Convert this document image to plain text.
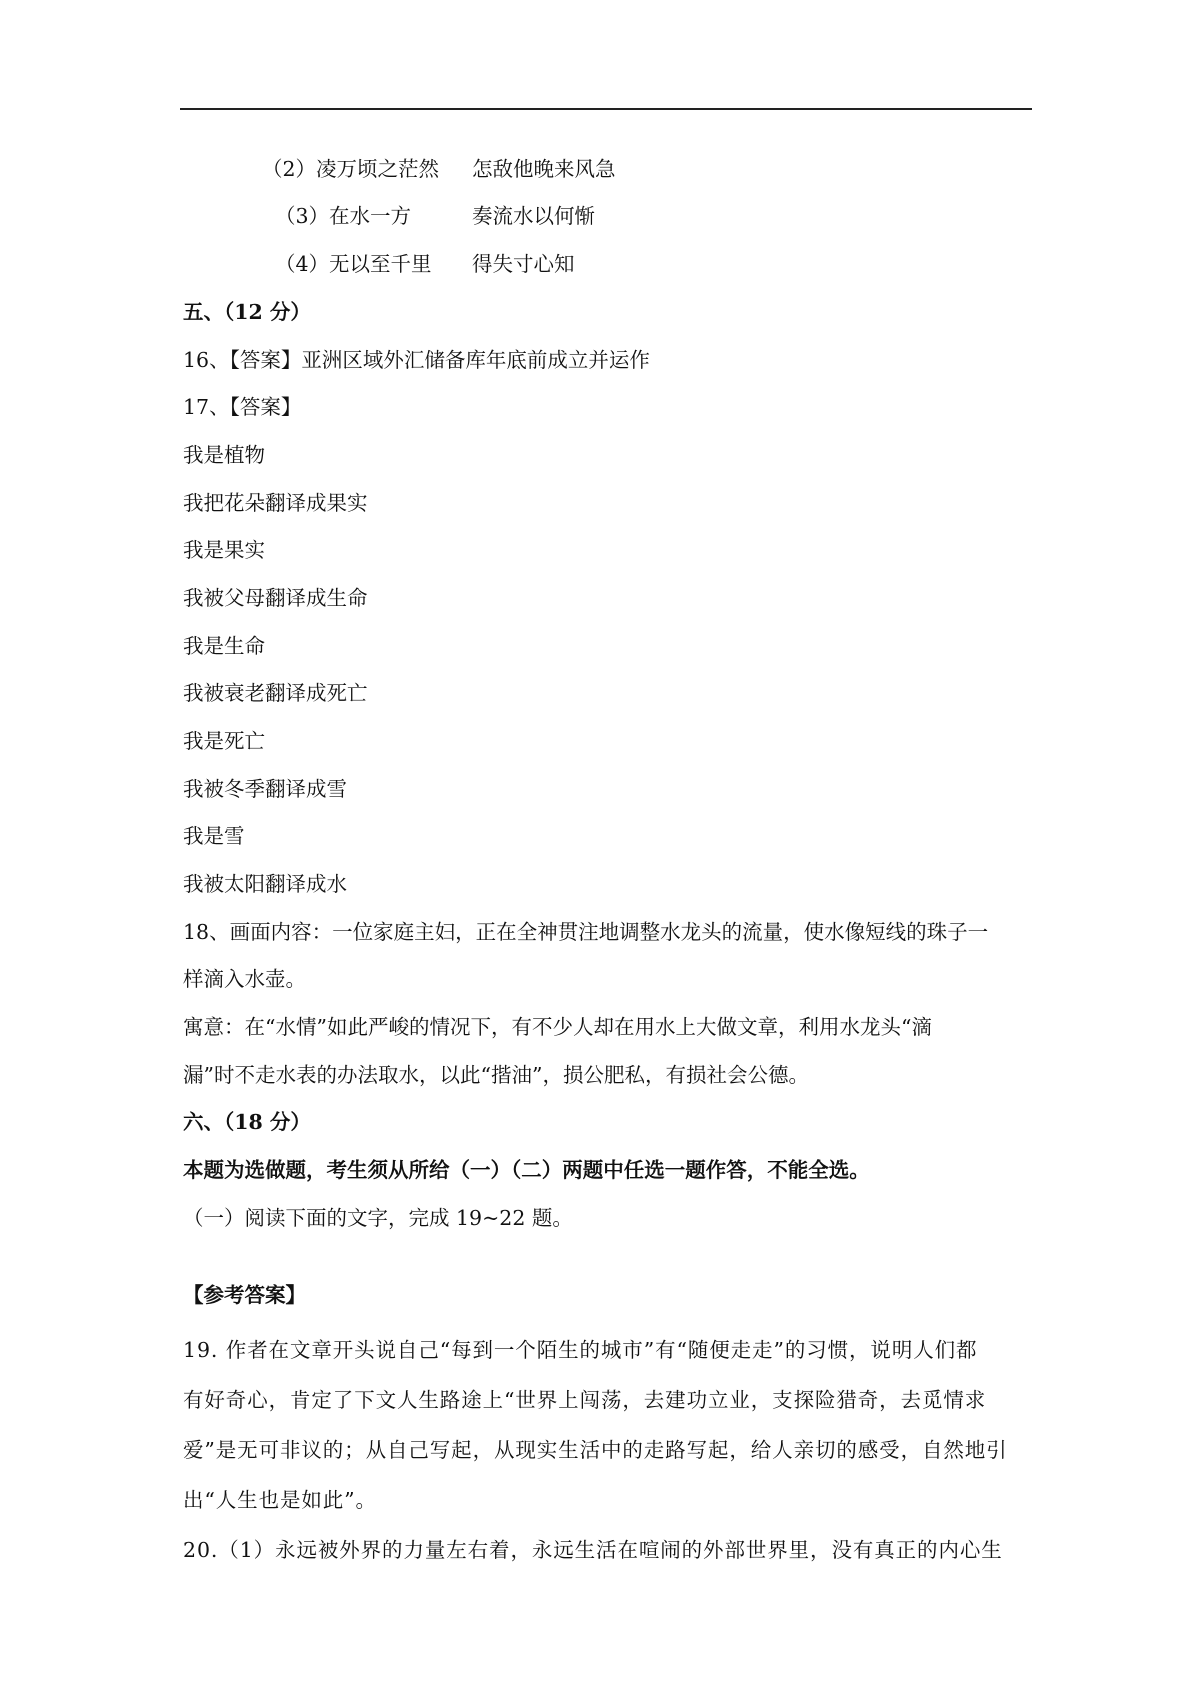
（2）凌万顷之茫然 怎敌他晚来风急
（3）在水一方	奏流水以何惭
（4）无以至千里 得失寸心知
五、（12 分）
16、【答案】亚洲区域外汇储备库年底前成立并运作
17、【答案】
我是植物
我把花朵翻译成果实
我是果实
我被父母翻译成生命
我是生命
我被衰老翻译成死亡
我是死亡
我被冬季翻译成雪
我是雪
我被太阳翻译成水
18、画面内容：一位家庭主妇，正在全神贯注地调整水龙头的流量，使水像短线的珠子一
样滴入水壶。
寓意：在“水情”如此严峻的情况下，有不少人却在用水上大做文章，利用水龙头“滴
漏”时不走水表的办法取水，以此“揩油”，损公肥私，有损社会公德。
六、（18 分）
本题为选做题，考生须从所给（一）（二）两题中任选一题作答，不能全选。
（一）阅读下面的文字，完成 19~22 题。
【参考答案】
19. 作者在文章开头说自己“每到一个陌生的城市”有“随便走走”的习惯，说明人们都
有好奇心，肯定了下文人生路途上“世界上闯荡，去建功立业，支探险猎奇，去觅情求
爱”是无可非议的；从自己写起，从现实生活中的走路写起，给人亲切的感受，自然地引
出“人生也是如此”。
20.（1）永远被外界的力量左右着，永远生活在喧闹的外部世界里，没有真正的内心生
